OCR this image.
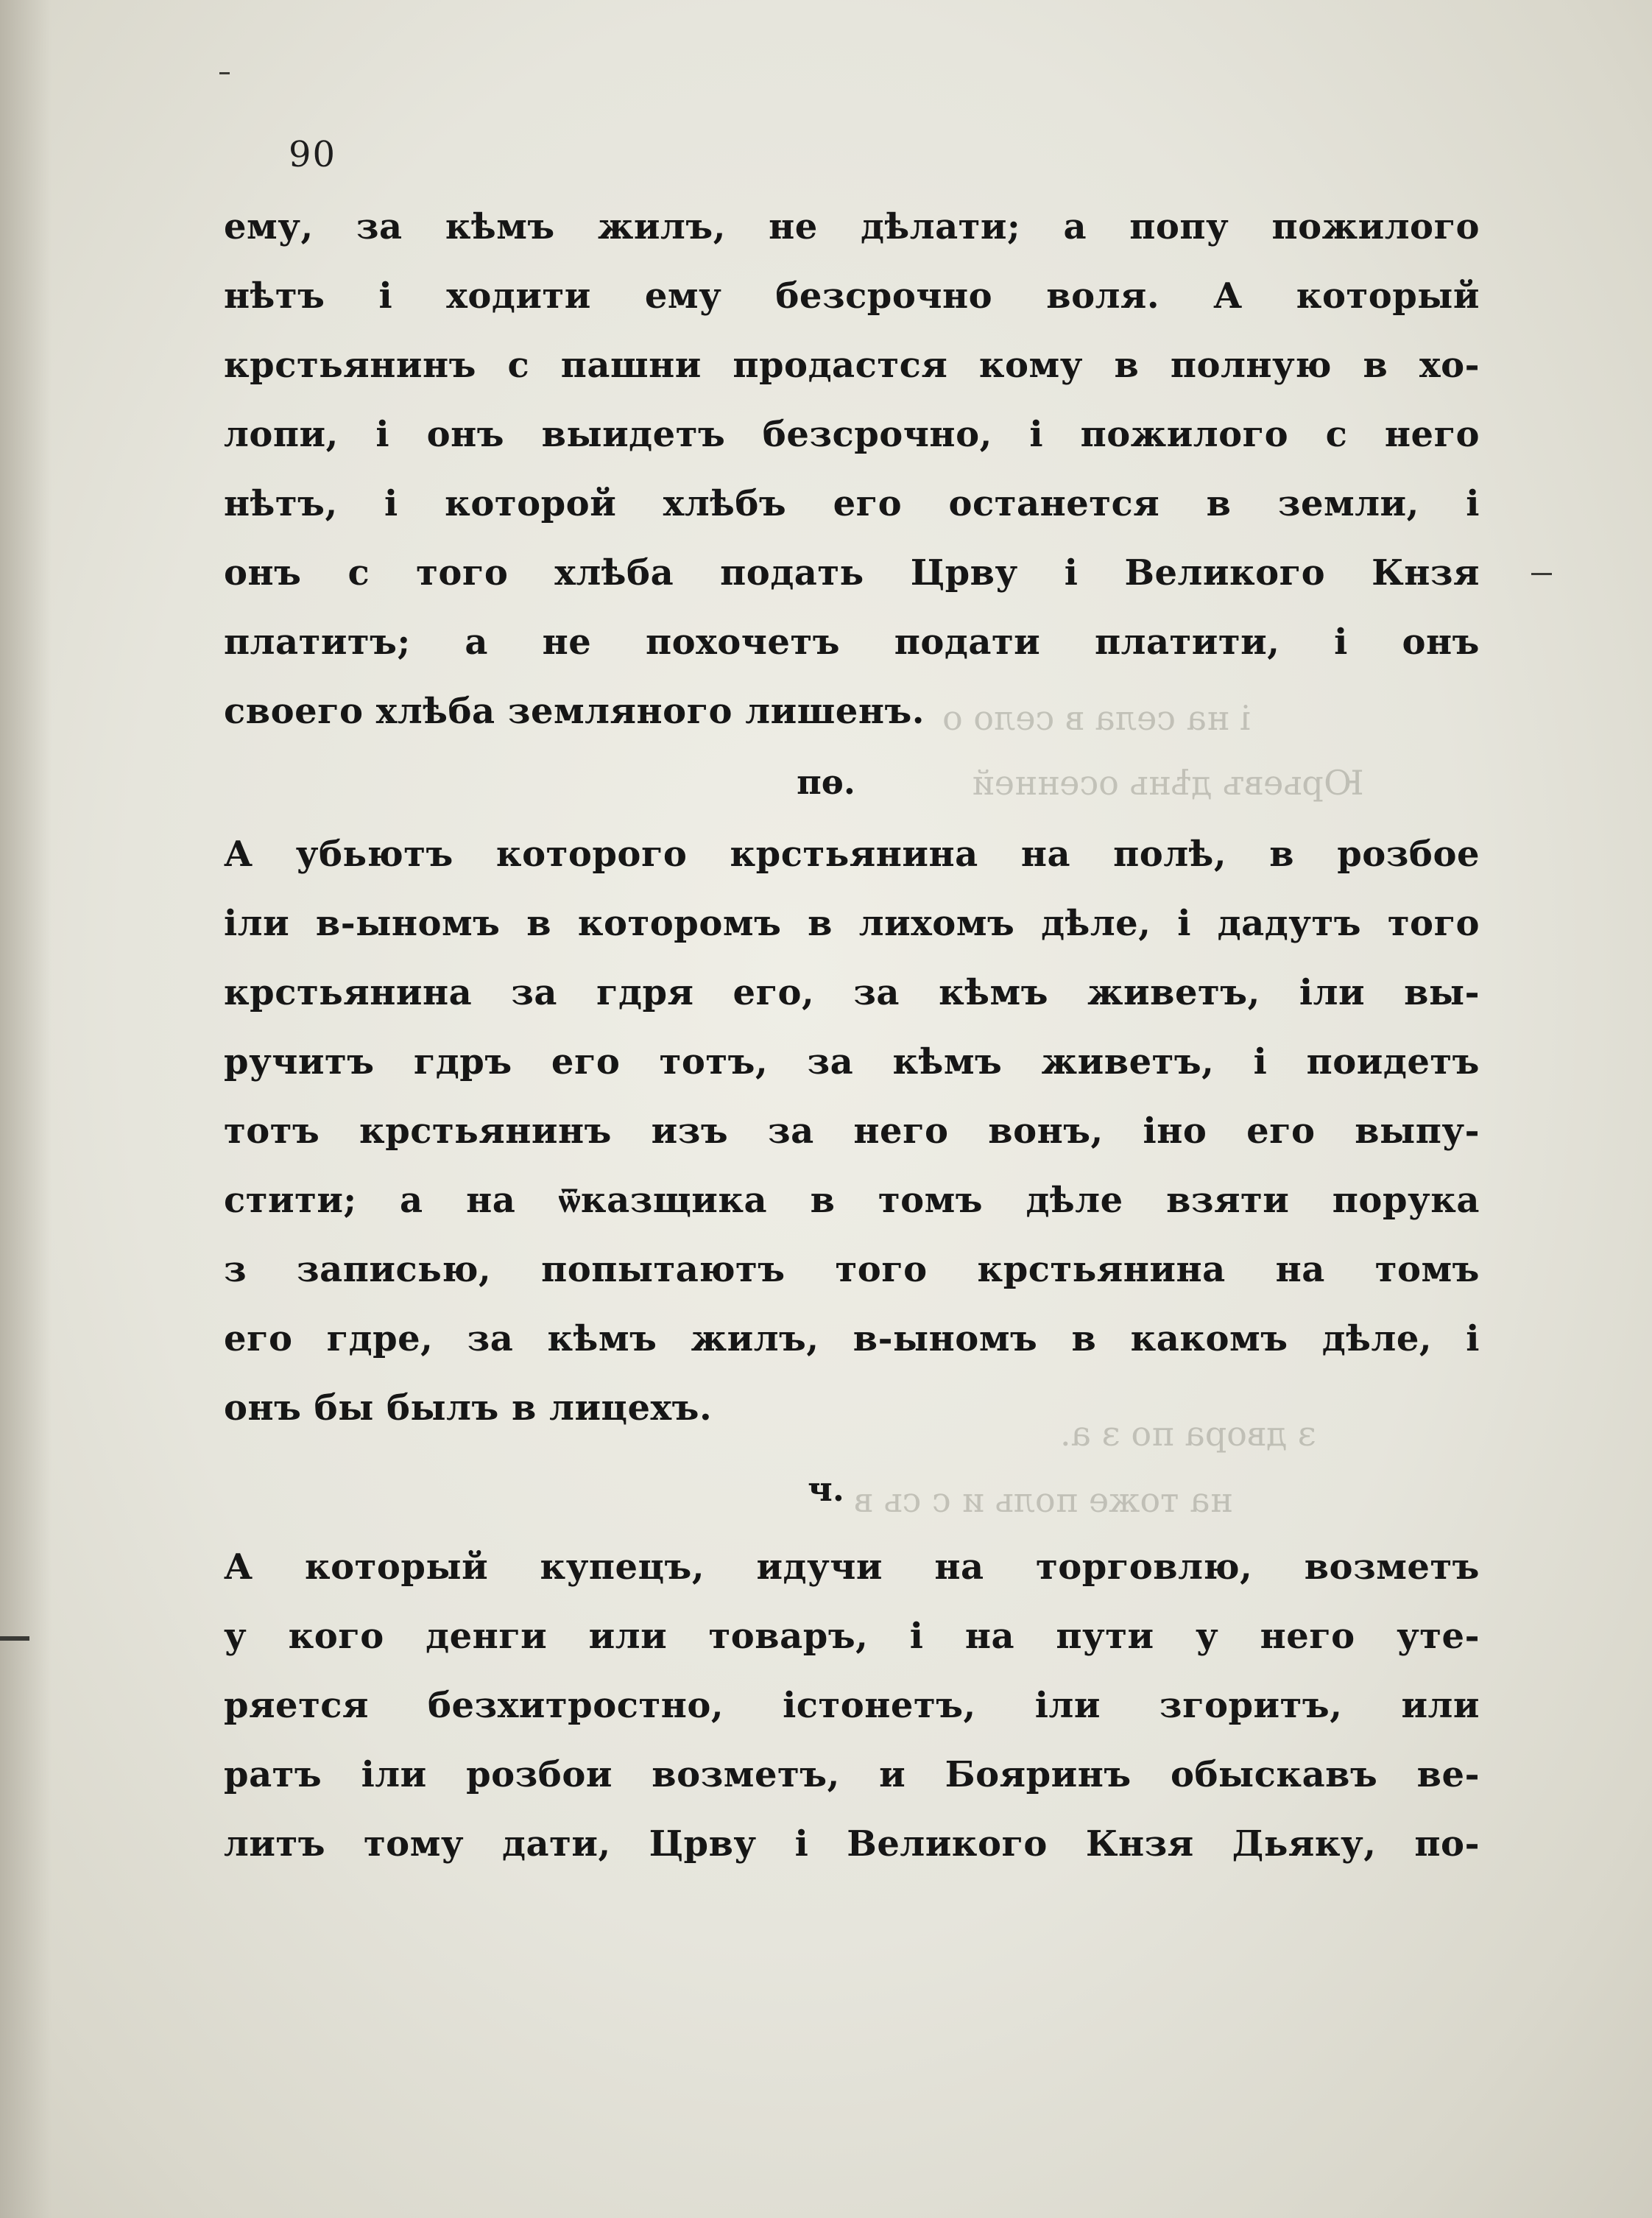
і на села в село о
Юрьевъ дѣнь осенней
з двора по з а.
на тоже поль и с сь в
90
ему, за кѣмъ жилъ, не дѣлати; а попу пожилого
нѣтъ і ходити ему безсрочно воля. А который
крстьянинъ с пашни продастся кому в полную в хо-
лопи, і онъ выидетъ безсрочно, і пожилого с него
нѣтъ, і которой хлѣбъ его останется в земли, і
онъ с того хлѣба подать Црву і Великого Кнзя
платитъ; а не похочетъ подати платити, і онъ
своего хлѣба земляного лишенъ.
пѳ.
А убьютъ которого крстьянина на полѣ, в розбое
іли в-ыномъ в которомъ в лихомъ дѣле, і дадутъ того
крстьянина за гдря его, за кѣмъ живетъ, іли вы-
ручитъ гдръ его тотъ, за кѣмъ живетъ, і поидетъ
тотъ крстьянинъ изъ за него вонъ, іно его выпу-
стити; а на ѿказщика в томъ дѣле взяти порука
з записью, попытаютъ того крстьянина на томъ
его гдре, за кѣмъ жилъ, в-ыномъ в какомъ дѣле, і
онъ бы былъ в лицехъ.
ч.
А который купецъ, идучи на торговлю, возметъ
у кого денги или товаръ, і на пути у него утe-
ряется безхитростно, істонетъ, іли згоритъ, или
ратъ іли розбои возметъ, и Бояринъ обыскавъ ве-
литъ тому дати, Црву і Великого Кнзя Дьяку, по-
